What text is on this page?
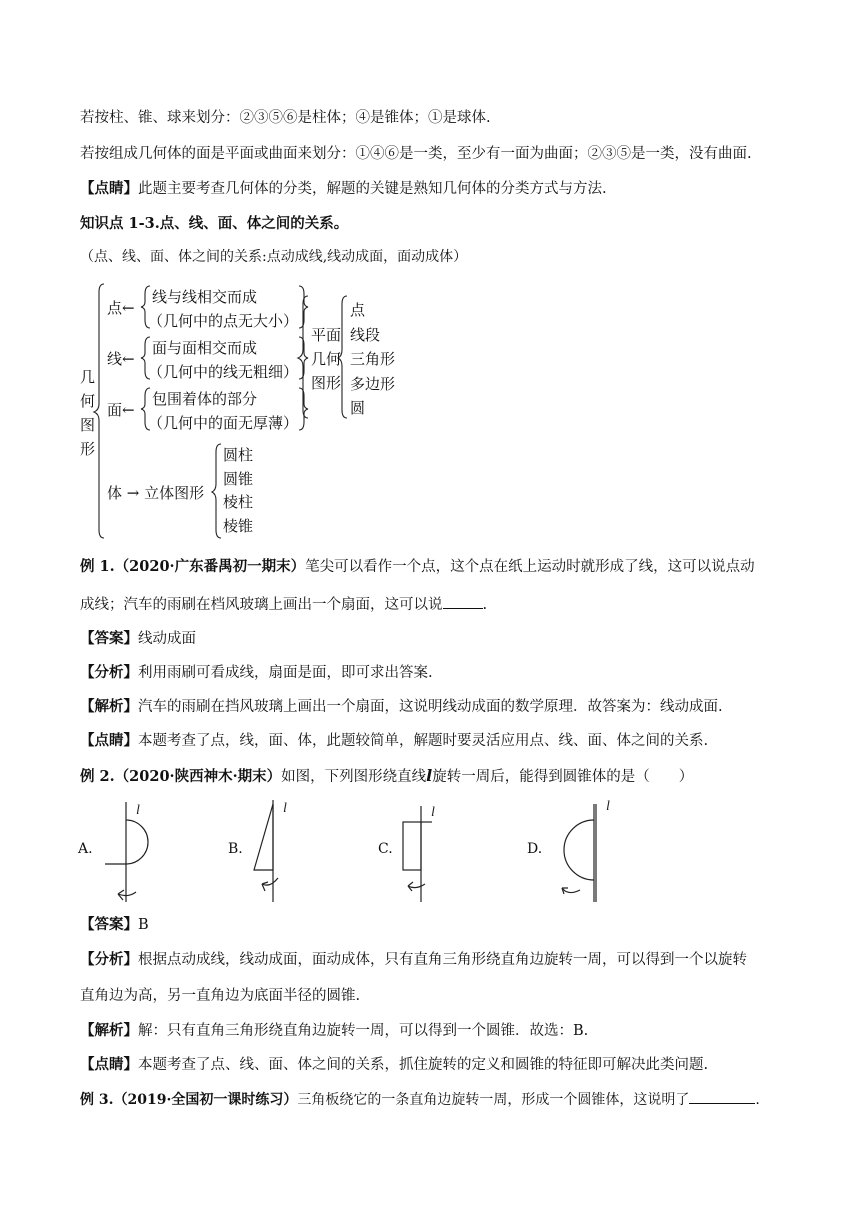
若按柱、锥、球来划分：②③⑤⑥是柱体；④是锥体；①是球体.
若按组成几何体的面是平面或曲面来划分：①④⑥是一类，至少有一面为曲面；②③⑤是一类，没有曲面.
【点睛】此题主要考查几何体的分类，解题的关键是熟知几何体的分类方式与方法.
知识点 1-3.点、线、面、体之间的关系。
（点、线、面、体之间的关系:点动成线,线动成面，面动成体）
几
何
图
形
点←
线与线相交而成
（几何中的点无大小）
线←
面与面相交而成
（几何中的线无粗细）
面←
包围着体的部分
（几何中的面无厚薄）
平面
几何
图形
点
线段
三角形
多边形
圆
体 → 立体图形
圆柱
圆锥
棱柱
棱锥
例 1.（2020·广东番禺初一期末）笔尖可以看作一个点，这个点在纸上运动时就形成了线，这可以说点动
成线；汽车的雨刷在档风玻璃上画出一个扇面，这可以说	.
【答案】线动成面
【分析】利用雨刷可看成线，扇面是面，即可求出答案.
【解析】汽车的雨刷在挡风玻璃上画出一个扇面，这说明线动成面的数学原理．故答案为：线动成面.
【点睛】本题考查了点，线，面、体，此题较简单，解题时要灵活应用点、线、面、体之间的关系.
例 2.（2020·陕西神木·期末）如图，下列图形绕直线l旋转一周后，能得到圆锥体的是（　　）
A.	B.	C.	D.
l	l	l	l
【答案】B
【分析】根据点动成线，线动成面，面动成体，只有直角三角形绕直角边旋转一周，可以得到一个以旋转
直角边为高，另一直角边为底面半径的圆锥.
【解析】解：只有直角三角形绕直角边旋转一周，可以得到一个圆锥．故选：B.
【点睛】本题考查了点、线、面、体之间的关系，抓住旋转的定义和圆锥的特征即可解决此类问题.
例 3.（2019·全国初一课时练习）三角板绕它的一条直角边旋转一周，形成一个圆锥体，这说明了	.
